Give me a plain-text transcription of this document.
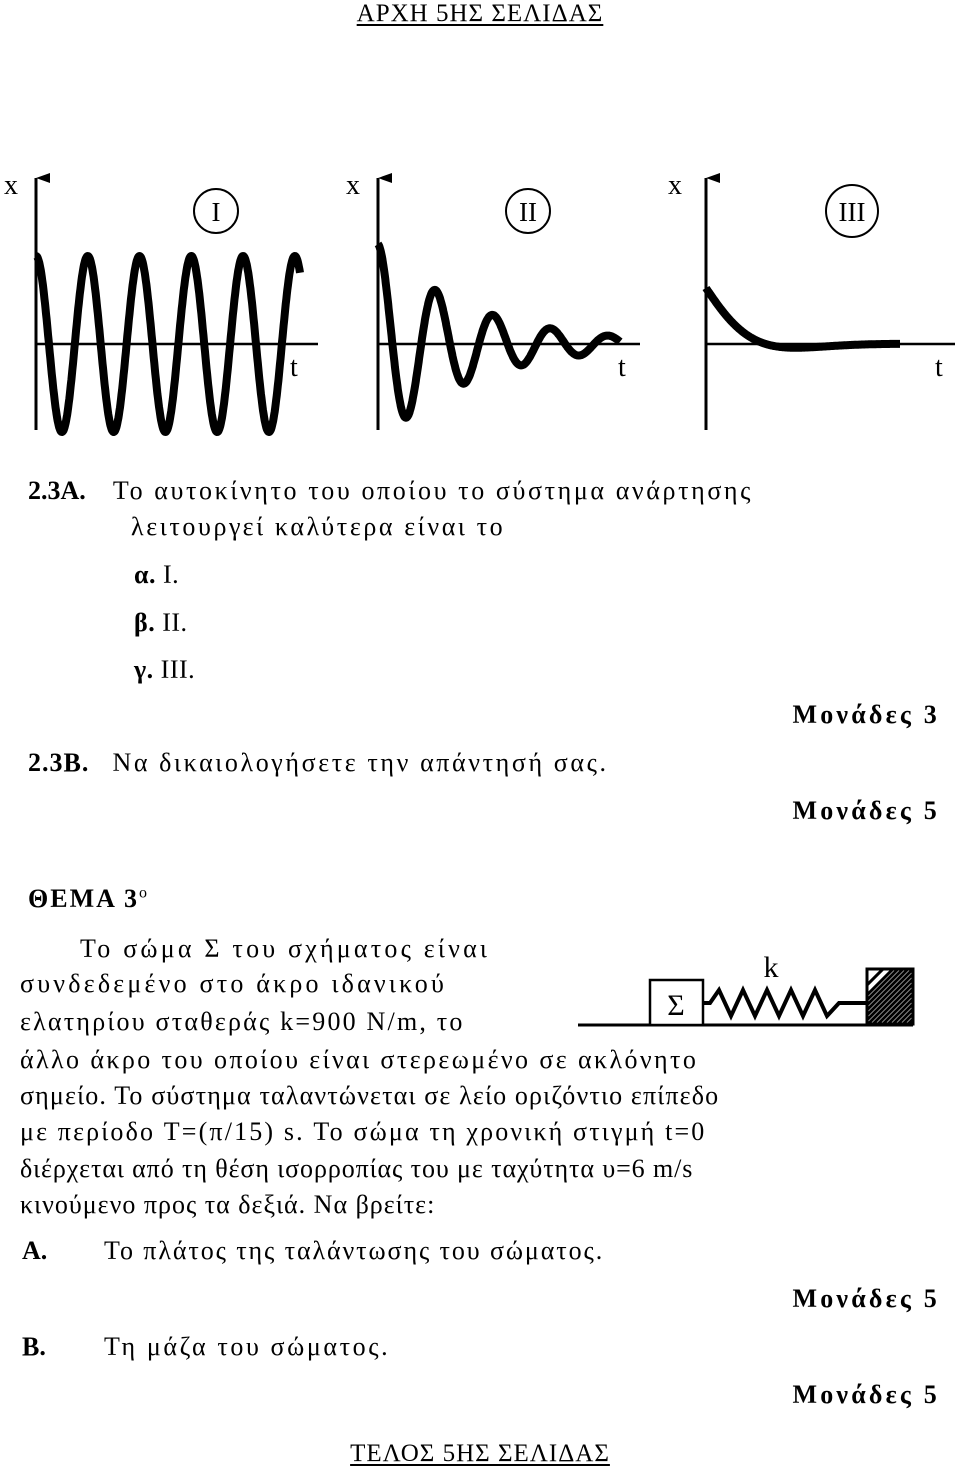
ΑΡΧΗ 5ΗΣ ΣΕΛΙΔΑΣ
x
t
I
x
t
II
x
t
III
2.3Α. Το αυτοκίνητο του οποίου το σύστημα ανάρτησης
λειτουργεί καλύτερα είναι το
α. Ι.
β. ΙΙ.
γ. ΙΙΙ.
Μονάδες 3
2.3Β. Να δικαιολογήσετε την απάντησή σας.
Μονάδες 5
ΘΕΜΑ $3^o$
Το σώμα Σ του σχήματος είναι
συνδεδεμένο στο άκρο ιδανικού
ελατηρίου σταθεράς k=900 N/m, το	Σ
k
άλλο άκρο του οποίου είναι στερεωμένο σε ακλόνητο
σημείο. Το σύστημα ταλαντώνεται σε λείο οριζόντιο επίπεδο
με περίοδο T=(π/15) s. Το σώμα τη χρονική στιγμή t=0
διέρχεται από τη θέση ισορροπίας του με ταχύτητα υ=6 m/s
κινούμενο προς τα δεξιά. Να βρείτε:
Α. Το πλάτος της ταλάντωσης του σώματος.
Μονάδες 5
Β. Τη μάζα του σώματος.
Μονάδες 5
ΤΕΛΟΣ 5ΗΣ ΣΕΛΙΔΑΣ
